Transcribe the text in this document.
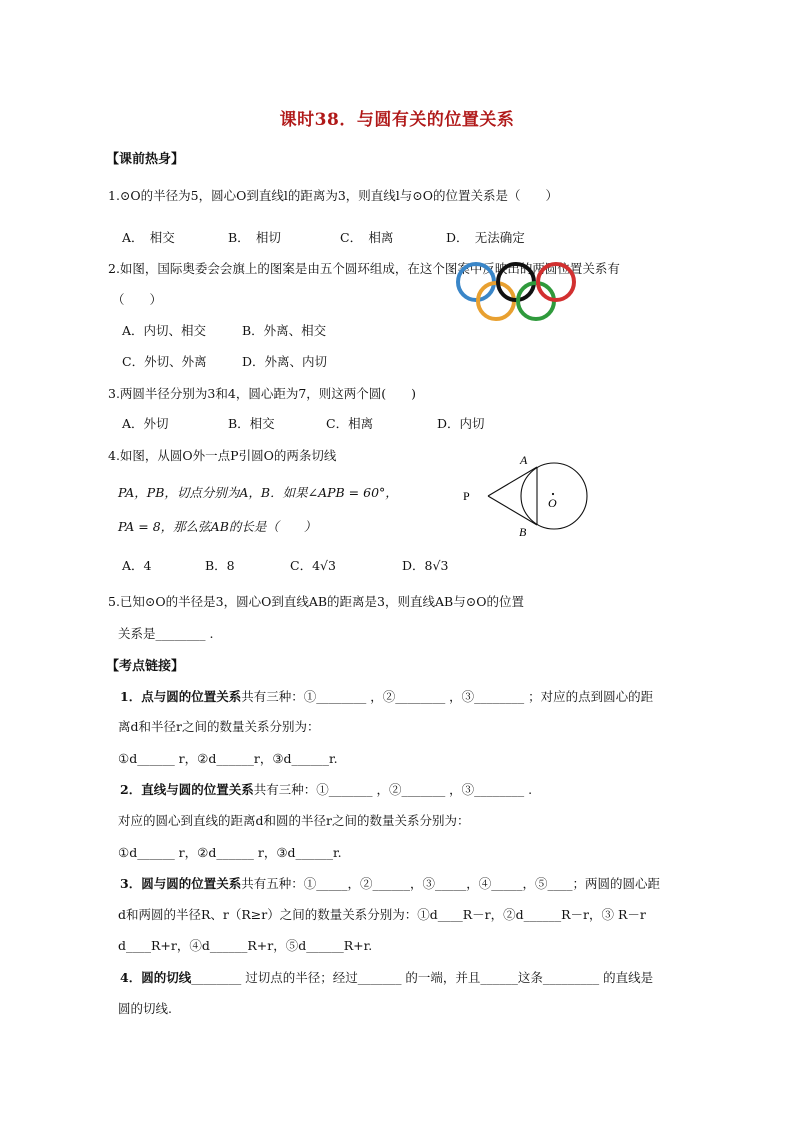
课时38．与圆有关的位置关系
【课前热身】
1.⊙O的半径为5，圆心O到直线l的距离为3，则直线l与⊙O的位置关系是（　　）
A．　相交	B．　相切	C．　相离	D．　无法确定
2.如图，国际奥委会会旗上的图案是由五个圆环组成，在这个图案中反映出的两圆位置关系有
（　　）
A．内切、相交	B．外离、相交
C．外切、外离	D．外离、内切
3.两圆半径分别为3和4，圆心距为7，则这两个圆(　　)
A．外切	B．相交	C．相离	D．内切
4.如图，从圆O外一点P引圆O的两条切线
PA，PB，切点分别为A，B．如果∠APB = 60°，
PA = 8，那么弦AB的长是（　　）
A．4	B．8	C．4√3	D．8√3
P
A
B
O
5.已知⊙O的半径是3，圆心O到直线AB的距离是3，则直线AB与⊙O的位置
关系是________ .
【考点链接】
1．点与圆的位置关系共有三种：①________ ，②________ ，③________ ；对应的点到圆心的距
离d和半径r之间的数量关系分别为：
①d______ r，②d______r，③d______r.
2．直线与圆的位置关系共有三种：①_______ ，②_______ ，③________ .
对应的圆心到直线的距离d和圆的半径r之间的数量关系分别为：
①d______ r，②d______ r，③d______r.
3．圆与圆的位置关系共有五种：①_____，②______，③_____，④_____，⑤____；两圆的圆心距
d和两圆的半径R、r（R≥r）之间的数量关系分别为：①d____R－r，②d______R－r，③ R－r
d____R+r，④d______R+r，⑤d______R+r.
4．圆的切线________ 过切点的半径；经过_______ 的一端，并且______这条_________ 的直线是
圆的切线.
